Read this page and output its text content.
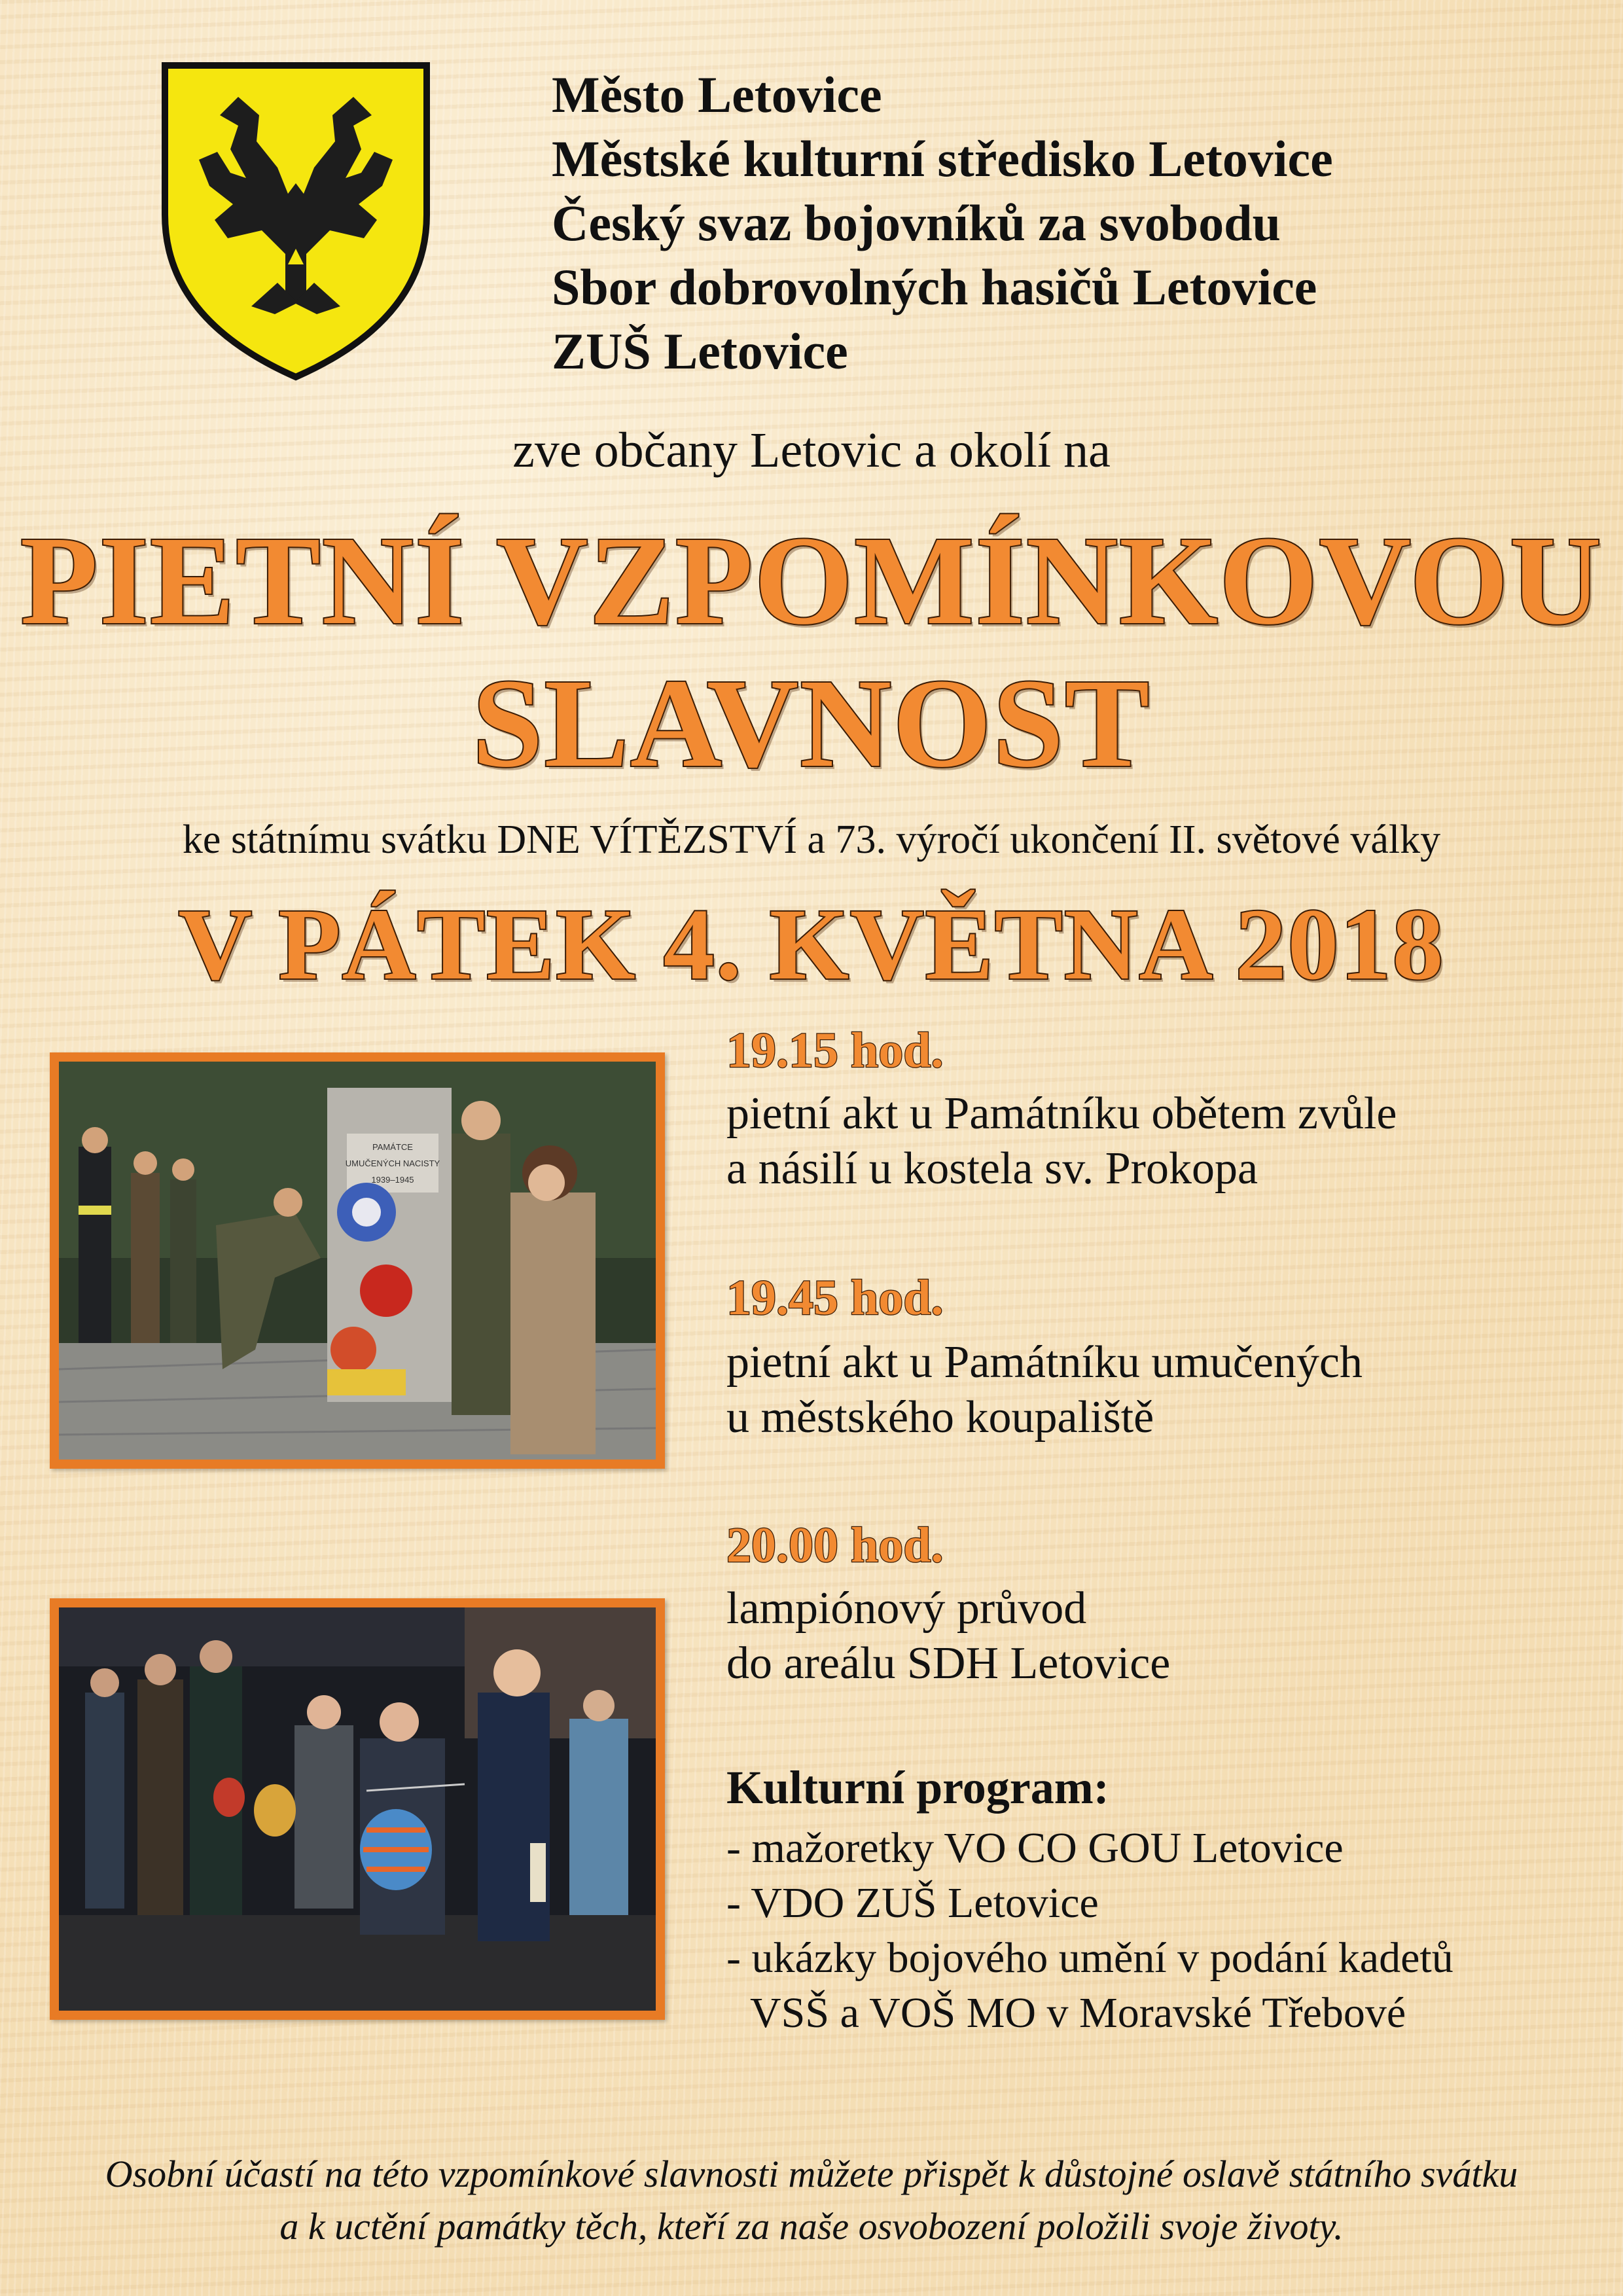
Město Letovice
Městské kulturní středisko Letovice
Český svaz bojovníků za svobodu
Sbor dobrovolných hasičů Letovice
ZUŠ Letovice
zve občany Letovic a okolí na
PIETNÍ VZPOMÍNKOVOU
SLAVNOST
ke státnímu svátku DNE VÍTĚZSTVÍ a 73. výročí ukončení II. světové války
V PÁTEK 4. KVĚTNA 2018
PAMÁTCE
UMUČENÝCH NACISTY
1939–1945
19.15 hod.
pietní akt u Památníku obětem zvůle
a násilí u kostela sv. Prokopa
19.45 hod.
pietní akt u Památníku umučených
u městského koupaliště
20.00 hod.
lampiónový průvod
do areálu SDH Letovice
Kulturní program:
- mažoretky VO CO GOU Letovice
- VDO ZUŠ Letovice
- ukázky bojového umění v podání kadetů
VSŠ a VOŠ MO v Moravské Třebové
Osobní účastí na této vzpomínkové slavnosti můžete přispět k důstojné oslavě státního svátku
a k uctění památky těch, kteří za naše osvobození položili svoje životy.
